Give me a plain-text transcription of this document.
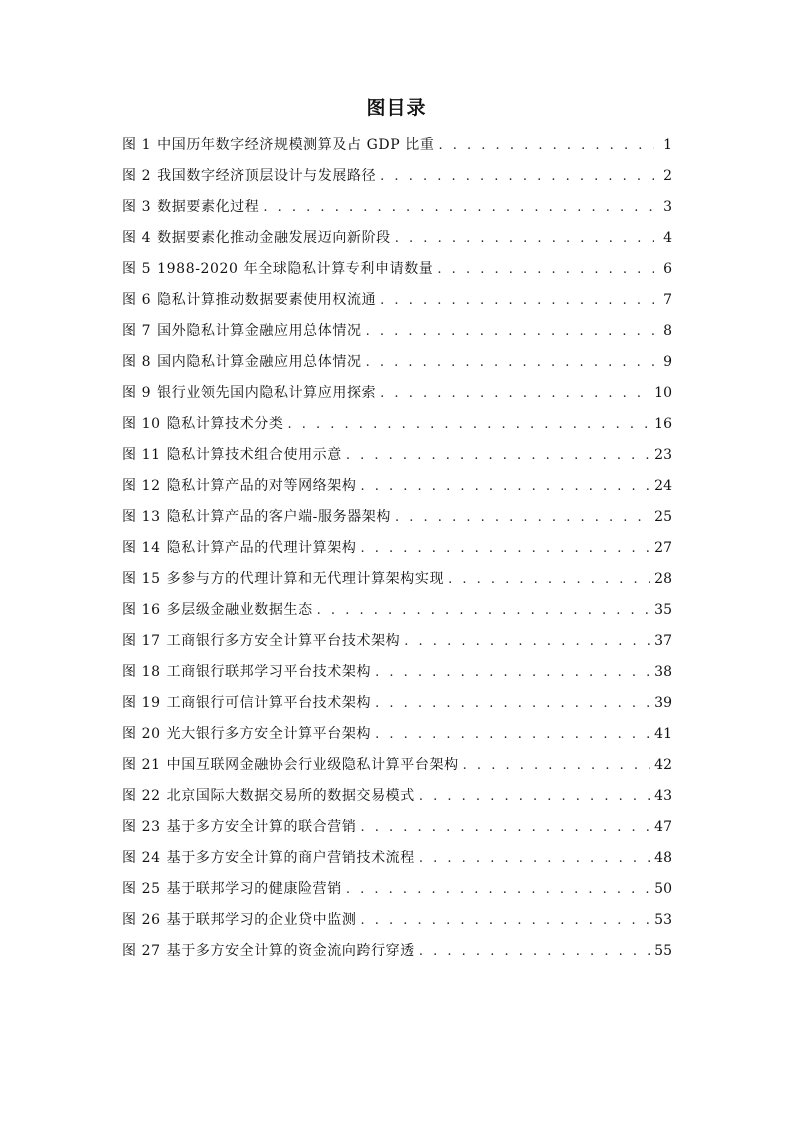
图目录
图 1 中国历年数字经济规模测算及占 GDP 比重 . . .	1
图 2 我国数字经济顶层设计与发展路径 . . .	2
图 3 数据要素化过程 . . .	3
图 4 数据要素化推动金融发展迈向新阶段 . . .	4
图 5 1988-2020 年全球隐私计算专利申请数量 . . .	6
图 6 隐私计算推动数据要素使用权流通 . . .	7
图 7 国外隐私计算金融应用总体情况 . . .	8
图 8 国内隐私计算金融应用总体情况 . . .	9
图 9 银行业领先国内隐私计算应用探索 . . .	10
图 10 隐私计算技术分类 . . .	16
图 11 隐私计算技术组合使用示意 . . .	23
图 12 隐私计算产品的对等网络架构 . . .	24
图 13 隐私计算产品的客户端-服务器架构 . . .	25
图 14 隐私计算产品的代理计算架构 . . .	27
图 15 多参与方的代理计算和无代理计算架构实现 . . .	28
图 16 多层级金融业数据生态 . . .	35
图 17 工商银行多方安全计算平台技术架构 . . .	37
图 18 工商银行联邦学习平台技术架构 . . .	38
图 19 工商银行可信计算平台技术架构 . . .	39
图 20 光大银行多方安全计算平台架构 . . .	41
图 21 中国互联网金融协会行业级隐私计算平台架构 . . .	42
图 22 北京国际大数据交易所的数据交易模式 . . .	43
图 23 基于多方安全计算的联合营销 . . .	47
图 24 基于多方安全计算的商户营销技术流程 . . .	48
图 25 基于联邦学习的健康险营销 . . .	50
图 26 基于联邦学习的企业贷中监测 . . .	53
图 27 基于多方安全计算的资金流向跨行穿透 . . .	55
